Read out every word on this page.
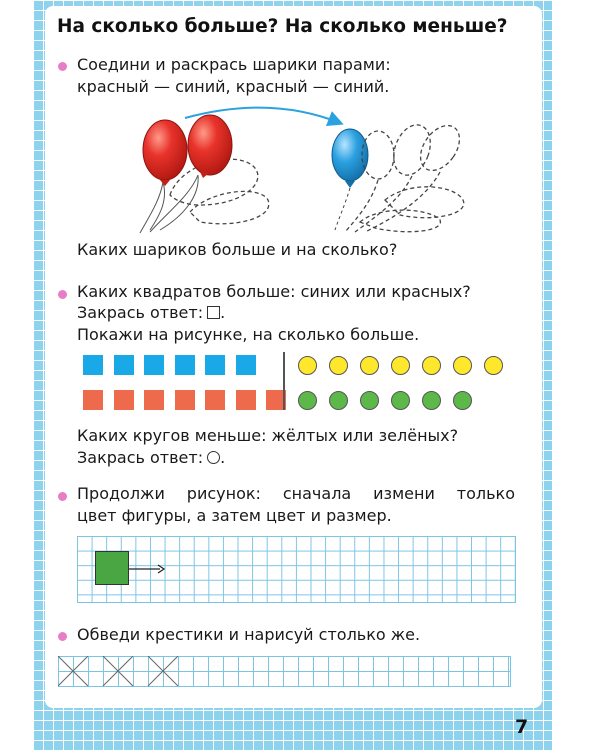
На сколько больше? На сколько меньше?
Соедини и раскрась шарики парами:
красный — синий, красный — синий.
Каких шариков больше и на сколько?
Каких квадратов больше: синих или красных?
Закрась ответ: .
Покажи на рисунке, на сколько больше.
Каких кругов меньше: жёлтых или зелёных?
Закрась ответ: .
Продолжи рисунок: сначала измени только
цвет фигуры, а затем цвет и размер.
Обведи крестики и нарисуй столько же.
7
